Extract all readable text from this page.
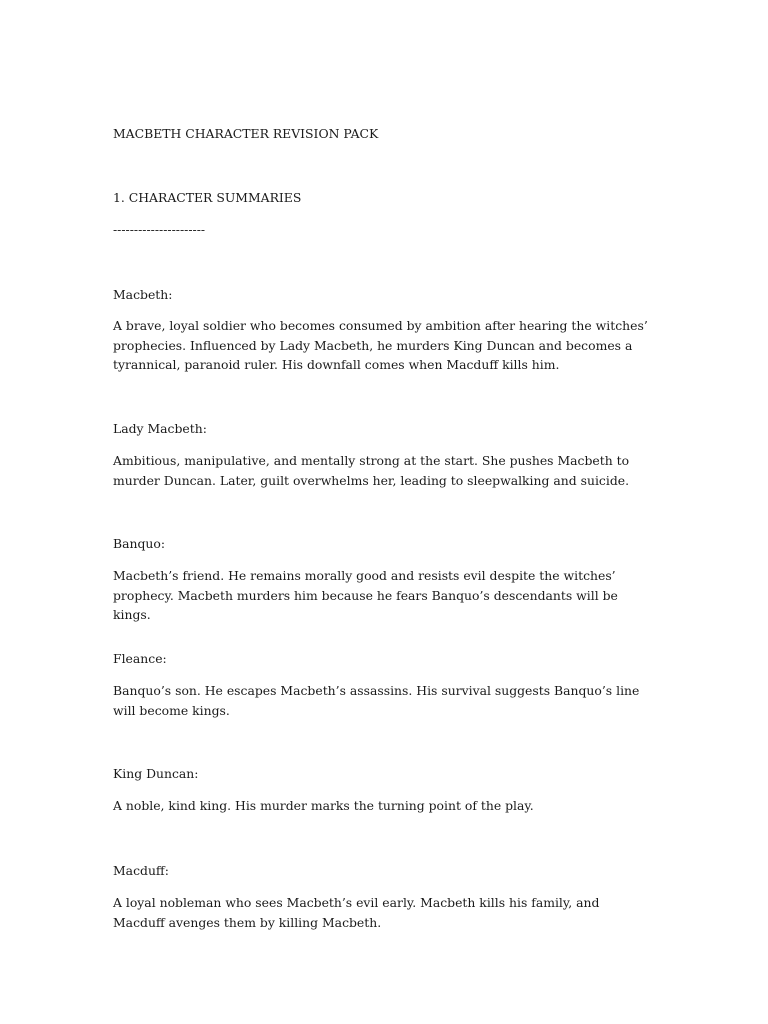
MACBETH CHARACTER REVISION PACK
1. CHARACTER SUMMARIES

----------------------

Macbeth:

A brave, loyal soldier who becomes consumed by ambition after hearing the witches’ prophecies. Influenced by Lady Macbeth, he murders King Duncan and becomes a tyrannical, paranoid ruler. His downfall comes when Macduff kills him.

Lady Macbeth:

Ambitious, manipulative, and mentally strong at the start. She pushes Macbeth to murder Duncan. Later, guilt overwhelms her, leading to sleepwalking and suicide.

Banquo:

Macbeth’s friend. He remains morally good and resists evil despite the witches’ prophecy. Macbeth murders him because he fears Banquo’s descendants will be kings.

Fleance:

Banquo’s son. He escapes Macbeth’s assassins. His survival suggests Banquo’s line will become kings.

King Duncan:

A noble, kind king. His murder marks the turning point of the play.

Macduff:

A loyal nobleman who sees Macbeth’s evil early. Macbeth kills his family, and Macduff avenges them by killing Macbeth.
